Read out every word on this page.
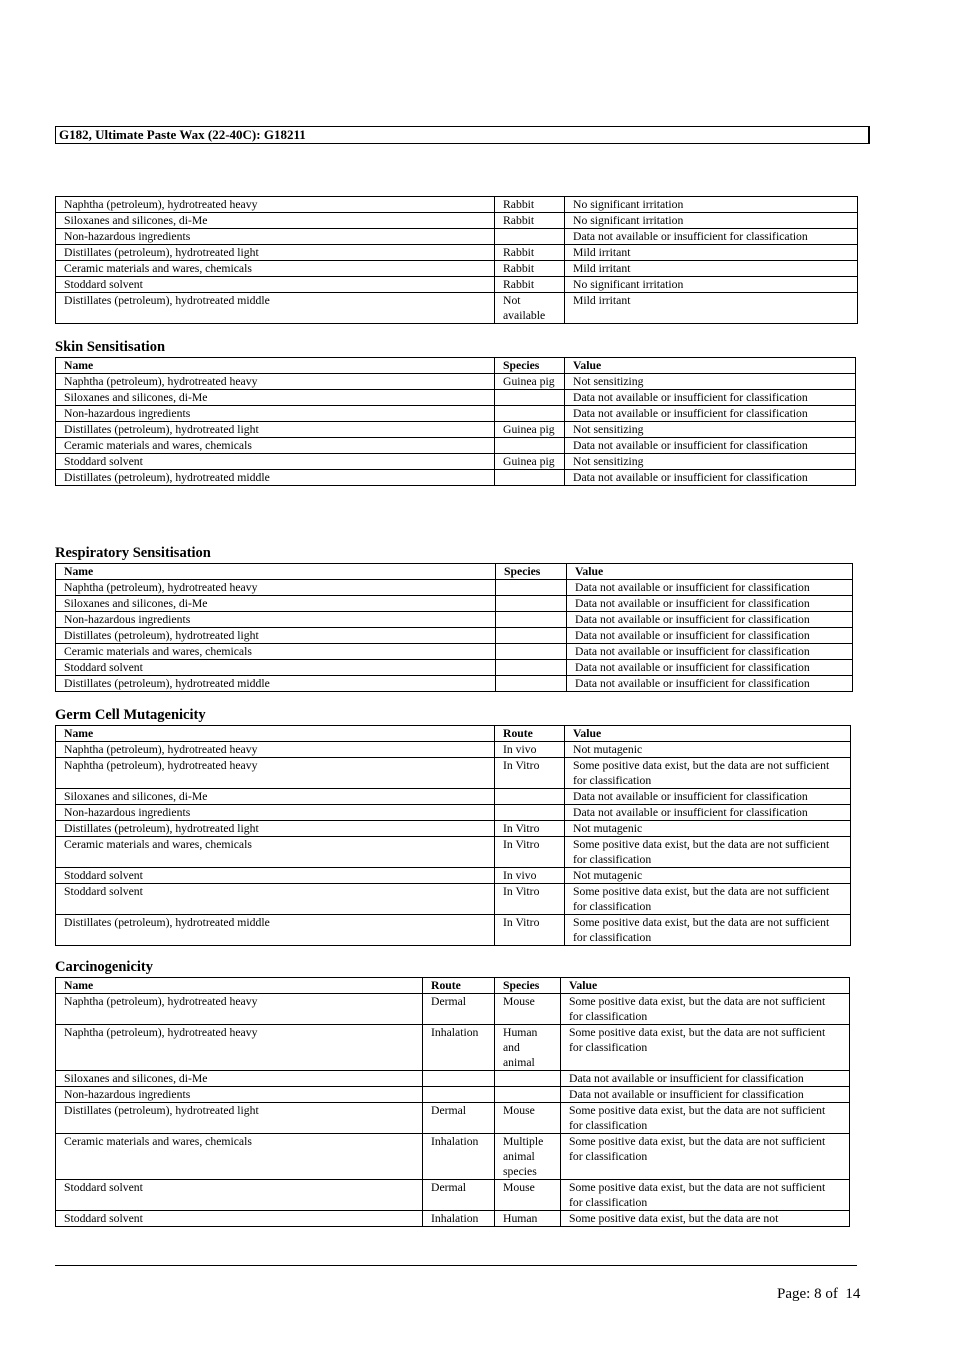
G182, Ultimate Paste Wax (22-40C): G18211
Naphtha (petroleum), hydrotreated heavy	Rabbit	No significant irritation
Siloxanes and silicones, di-Me	Rabbit	No significant irritation
Non-hazardous ingredients		Data not available or insufficient for classification
Distillates (petroleum), hydrotreated light	Rabbit	Mild irritant
Ceramic materials and wares, chemicals	Rabbit	Mild irritant
Stoddard solvent	Rabbit	No significant irritation
Distillates (petroleum), hydrotreated middle	Not available	Mild irritant
Skin Sensitisation
Name	Species	Value
Naphtha (petroleum), hydrotreated heavy	Guinea pig	Not sensitizing
Siloxanes and silicones, di-Me		Data not available or insufficient for classification
Non-hazardous ingredients		Data not available or insufficient for classification
Distillates (petroleum), hydrotreated light	Guinea pig	Not sensitizing
Ceramic materials and wares, chemicals		Data not available or insufficient for classification
Stoddard solvent	Guinea pig	Not sensitizing
Distillates (petroleum), hydrotreated middle		Data not available or insufficient for classification
Respiratory Sensitisation
Name	Species	Value
Naphtha (petroleum), hydrotreated heavy		Data not available or insufficient for classification
Siloxanes and silicones, di-Me		Data not available or insufficient for classification
Non-hazardous ingredients		Data not available or insufficient for classification
Distillates (petroleum), hydrotreated light		Data not available or insufficient for classification
Ceramic materials and wares, chemicals		Data not available or insufficient for classification
Stoddard solvent		Data not available or insufficient for classification
Distillates (petroleum), hydrotreated middle		Data not available or insufficient for classification
Germ Cell Mutagenicity
Name	Route	Value
Naphtha (petroleum), hydrotreated heavy	In vivo	Not mutagenic
Naphtha (petroleum), hydrotreated heavy	In Vitro	Some positive data exist, but the data are not sufficient for classification
Siloxanes and silicones, di-Me		Data not available or insufficient for classification
Non-hazardous ingredients		Data not available or insufficient for classification
Distillates (petroleum), hydrotreated light	In Vitro	Not mutagenic
Ceramic materials and wares, chemicals	In Vitro	Some positive data exist, but the data are not sufficient for classification
Stoddard solvent	In vivo	Not mutagenic
Stoddard solvent	In Vitro	Some positive data exist, but the data are not sufficient for classification
Distillates (petroleum), hydrotreated middle	In Vitro	Some positive data exist, but the data are not sufficient for classification
Carcinogenicity
Name	Route	Species	Value
Naphtha (petroleum), hydrotreated heavy	Dermal	Mouse	Some positive data exist, but the data are not sufficient for classification
Naphtha (petroleum), hydrotreated heavy	Inhalation	Human and animal	Some positive data exist, but the data are not sufficient for classification
Siloxanes and silicones, di-Me			Data not available or insufficient for classification
Non-hazardous ingredients			Data not available or insufficient for classification
Distillates (petroleum), hydrotreated light	Dermal	Mouse	Some positive data exist, but the data are not sufficient for classification
Ceramic materials and wares, chemicals	Inhalation	Multiple animal species	Some positive data exist, but the data are not sufficient for classification
Stoddard solvent	Dermal	Mouse	Some positive data exist, but the data are not sufficient for classification
Stoddard solvent	Inhalation	Human	Some positive data exist, but the data are not
Page: 8 of  14
